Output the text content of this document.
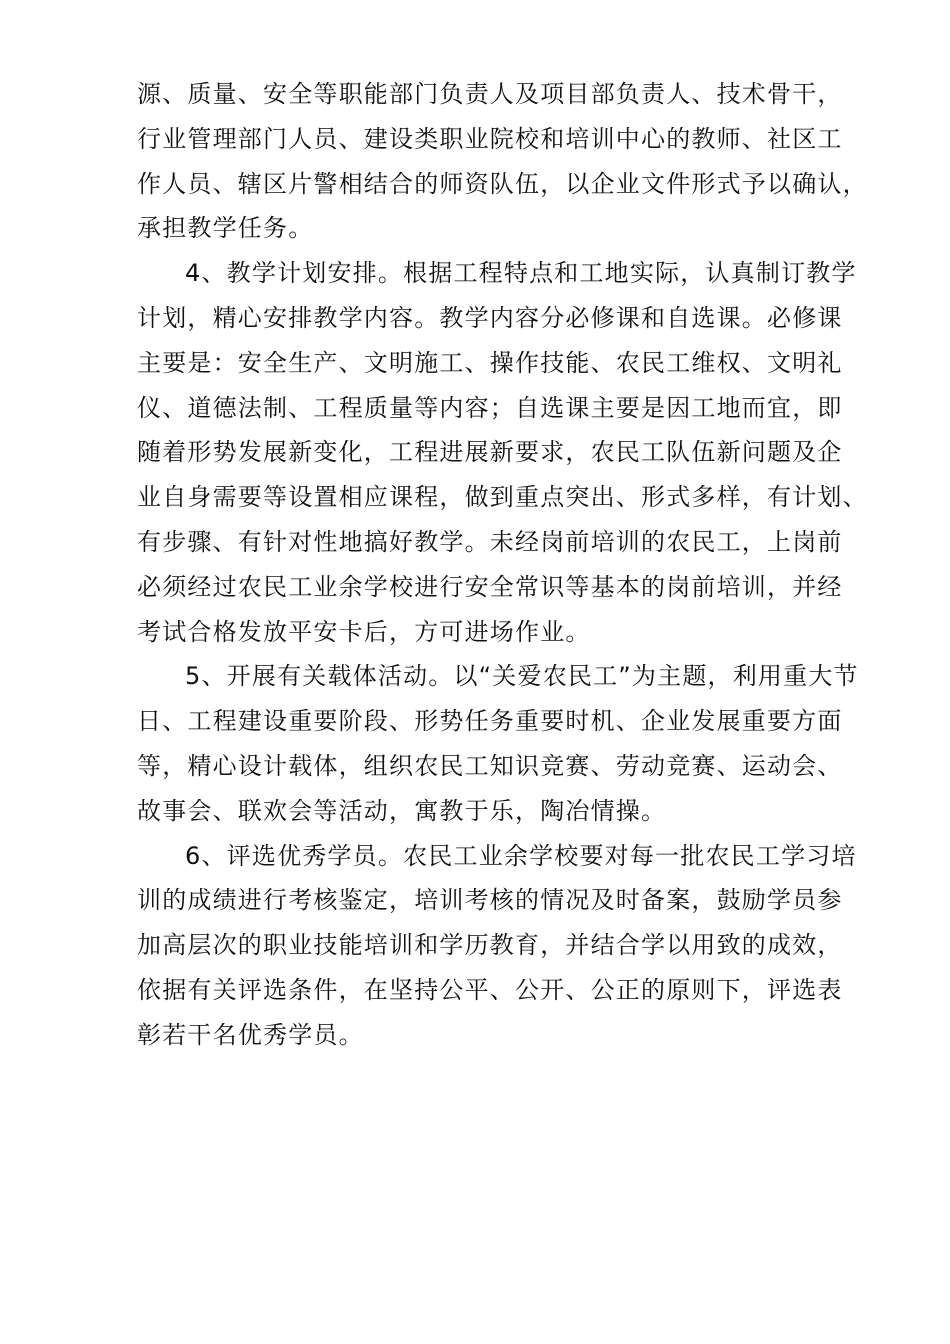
源、质量、安全等职能部门负责人及项目部负责人、技术骨干，
行业管理部门人员、建设类职业院校和培训中心的教师、社区工
作人员、辖区片警相结合的师资队伍，以企业文件形式予以确认，
承担教学任务。
4、教学计划安排。根据工程特点和工地实际，认真制订教学
计划，精心安排教学内容。教学内容分必修课和自选课。必修课
主要是：安全生产、文明施工、操作技能、农民工维权、文明礼
仪、道德法制、工程质量等内容；自选课主要是因工地而宜，即
随着形势发展新变化，工程进展新要求，农民工队伍新问题及企
业自身需要等设置相应课程，做到重点突出、形式多样，有计划、
有步骤、有针对性地搞好教学。未经岗前培训的农民工，上岗前
必须经过农民工业余学校进行安全常识等基本的岗前培训，并经
考试合格发放平安卡后，方可进场作业。
5、开展有关载体活动。以“关爱农民工”为主题，利用重大节
日、工程建设重要阶段、形势任务重要时机、企业发展重要方面
等，精心设计载体，组织农民工知识竞赛、劳动竞赛、运动会、
故事会、联欢会等活动，寓教于乐，陶冶情操。
6、评选优秀学员。农民工业余学校要对每一批农民工学习培
训的成绩进行考核鉴定，培训考核的情况及时备案，鼓励学员参
加高层次的职业技能培训和学历教育，并结合学以用致的成效，
依据有关评选条件，在坚持公平、公开、公正的原则下，评选表
彰若干名优秀学员。
